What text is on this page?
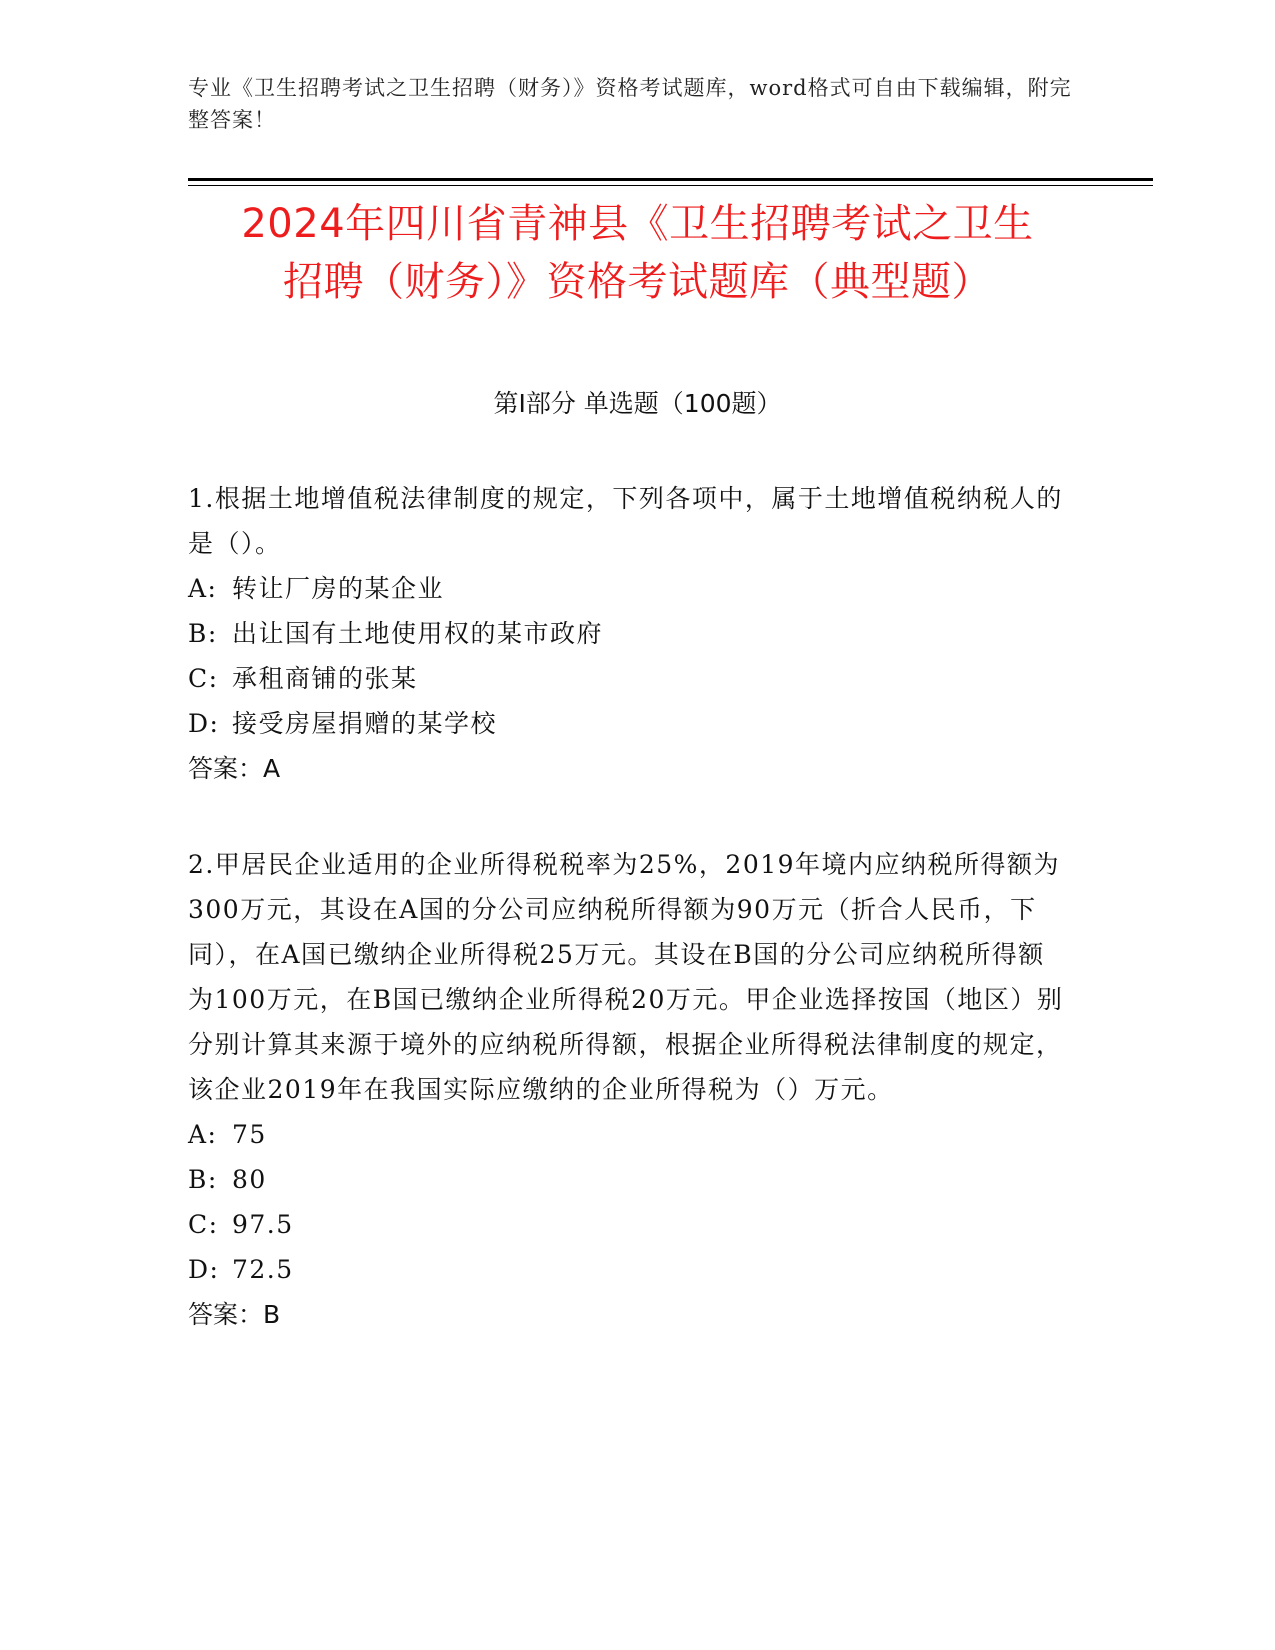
专业《卫生招聘考试之卫生招聘（财务）》资格考试题库，word格式可自由下载编辑，附完整答案！
2024年四川省青神县《卫生招聘考试之卫生
招聘（财务）》资格考试题库（典型题）
第Ⅰ部分 单选题（100题）

1.根据土地增值税法律制度的规定，下列各项中，属于土地增值税纳税人的是（）。

A: 转让厂房的某企业

B: 出让国有土地使用权的某市政府

C: 承租商铺的张某

D: 接受房屋捐赠的某学校

答案：A

2.甲居民企业适用的企业所得税税率为25%，2019年境内应纳税所得额为300万元，其设在A国的分公司应纳税所得额为90万元（折合人民币，下同），在A国已缴纳企业所得税25万元。其设在B国的分公司应纳税所得额为100万元，在B国已缴纳企业所得税20万元。甲企业选择按国（地区）别分别计算其来源于境外的应纳税所得额，根据企业所得税法律制度的规定，该企业2019年在我国实际应缴纳的企业所得税为（）万元。

A: 75

B: 80

C: 97.5

D: 72.5

答案：B
